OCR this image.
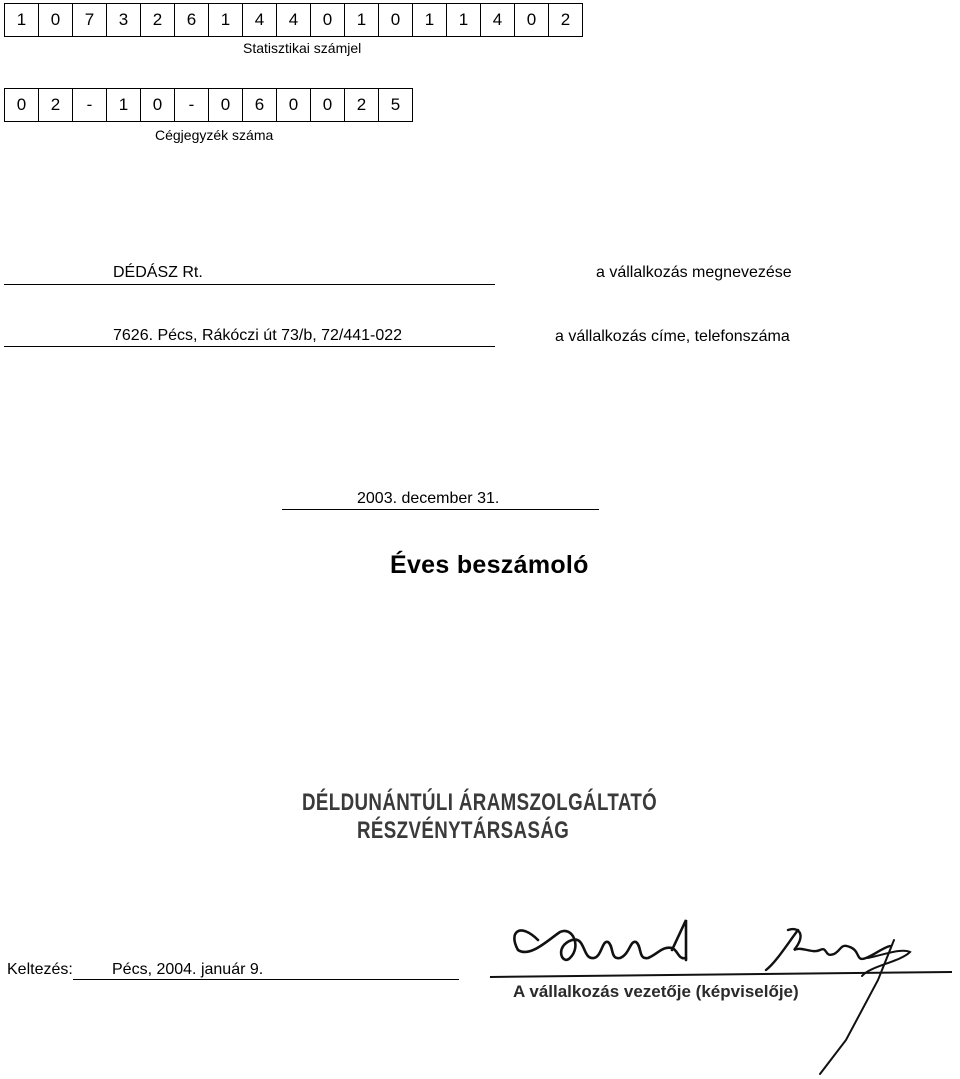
1	0	7	3	2	6	1	4	4	0	1	0	1	1	4	0	2
Statisztikai számjel
0	2	-	1	0	-	0	6	0	0	2	5
Cégjegyzék száma
DÉDÁSZ Rt.	a vállalkozás megnevezése
7626. Pécs, Rákóczi út 73/b, 72/441-022	a vállalkozás címe, telefonszáma
2003. december 31.
Éves beszámoló
DÉLDUNÁNTÚLI ÁRAMSZOLGÁLTATÓ
RÉSZVÉNYTÁRSASÁG
Keltezés: Pécs, 2004. január 9.
A vállalkozás vezetője (képviselője)
